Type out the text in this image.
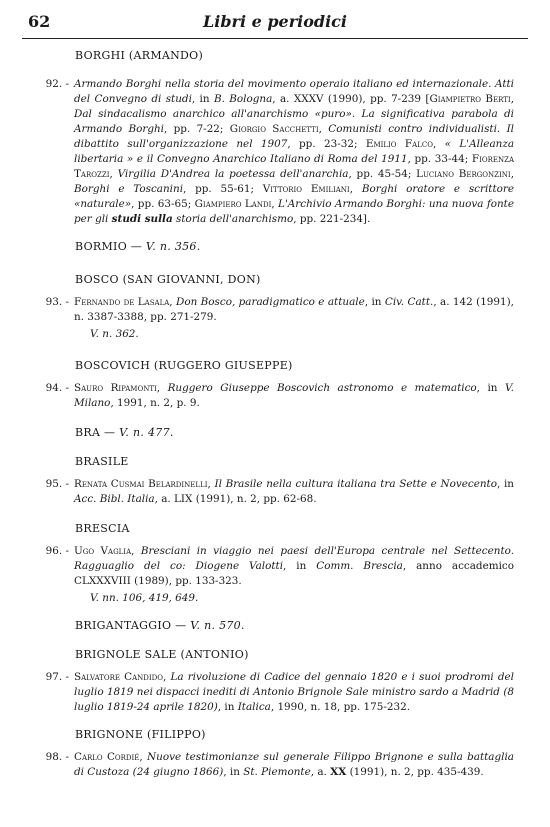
62	Libri e periodici
BORGHI (ARMANDO)
92. - Armando Borghi nella storia del movimento operaio italiano ed internazionale. Atti del Convegno di studi, in B. Bologna, a. XXXV (1990), pp. 7-239 [Giampietro Berti, Dal sindacalismo anarchico all'anarchismo «puro». La significativa parabola di Armando Borghi, pp. 7-22; Giorgio Sacchetti, Comunisti contro individualisti. Il dibattito sull'organizzazione nel 1907, pp. 23-32; Emilio Falco, « L'Alleanza libertaria » e il Convegno Anarchico Italiano di Roma del 1911, pp. 33-44; Fiorenza Tarozzi, Virgilia D'Andrea la poetessa dell'anarchia, pp. 45-54; Luciano Bergonzini, Borghi e Toscanini, pp. 55-61; Vittorio Emiliani, Borghi oratore e scrittore «naturale», pp. 63-65; Giampiero Landi, L'Archivio Armando Borghi: una nuova fonte per gli studi sulla storia dell'anarchismo, pp. 221-234].
BORMIO — V. n. 356.
BOSCO (SAN GIOVANNI, DON)
93. - Fernando de Lasala, Don Bosco, paradigmatico e attuale, in Civ. Catt., a. 142 (1991), n. 3387-3388, pp. 271-279.
V. n. 362.
BOSCOVICH (RUGGERO GIUSEPPE)
94. - Sauro Ripamonti, Ruggero Giuseppe Boscovich astronomo e matematico, in V. Milano, 1991, n. 2, p. 9.
BRA — V. n. 477.
BRASILE
95. - Renata Cusmai Belardinelli, Il Brasile nella cultura italiana tra Sette e Novecento, in Acc. Bibl. Italia, a. LIX (1991), n. 2, pp. 62-68.
BRESCIA
96. - Ugo Vaglia, Bresciani in viaggio nei paesi dell'Europa centrale nel Settecento. Ragguaglio del co: Diogene Valotti, in Comm. Brescia, anno accademico CLXXXVIII (1989), pp. 133-323.
V. nn. 106, 419, 649.
BRIGANTAGGIO — V. n. 570.
BRIGNOLE SALE (ANTONIO)
97. - Salvatore Candido, La rivoluzione di Cadice del gennaio 1820 e i suoi prodromi del luglio 1819 nei dispacci inediti di Antonio Brignole Sale ministro sardo a Madrid (8 luglio 1819-24 aprile 1820), in Italica, 1990, n. 18, pp. 175-232.
BRIGNONE (FILIPPO)
98. - Carlo Cordié, Nuove testimonianze sul generale Filippo Brignone e sulla battaglia di Custoza (24 giugno 1866), in St. Piemonte, a. XX (1991), n. 2, pp. 435-439.
